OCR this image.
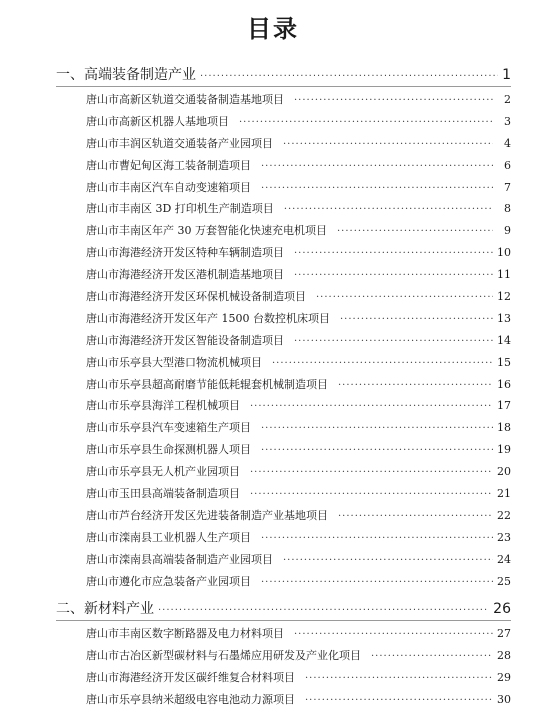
目录
一、 高端装备制造产业 ·····	1
唐山市高新区轨道交通装备制造基地项目 ·····	2
唐山市高新区机器人基地项目 ·····	3
唐山市丰润区轨道交通装备产业园项目 ·····	4
唐山市曹妃甸区海工装备制造项目 ·····	6
唐山市丰南区汽车自动变速箱项目 ·····	7
唐山市丰南区 3D 打印机生产制造项目 ·····	8
唐山市丰南区年产 30 万套智能化快速充电机项目 ·····	9
唐山市海港经济开发区特种车辆制造项目 ·····	10
唐山市海港经济开发区港机制造基地项目 ·····	11
唐山市海港经济开发区环保机械设备制造项目 ·····	12
唐山市海港经济开发区年产 1500 台数控机床项目 ·····	13
唐山市海港经济开发区智能设备制造项目 ·····	14
唐山市乐亭县大型港口物流机械项目 ·····	15
唐山市乐亭县超高耐磨节能低耗辊套机械制造项目 ·····	16
唐山市乐亭县海洋工程机械项目 ·····	17
唐山市乐亭县汽车变速箱生产项目 ·····	18
唐山市乐亭县生命探测机器人项目 ·····	19
唐山市乐亭县无人机产业园项目 ·····	20
唐山市玉田县高端装备制造项目 ·····	21
唐山市芦台经济开发区先进装备制造产业基地项目 ·····	22
唐山市滦南县工业机器人生产项目 ·····	23
唐山市滦南县高端装备制造产业园项目 ·····	24
唐山市遵化市应急装备产业园项目 ·····	25
二、 新材料产业 ·····	26
唐山市丰南区数字断路器及电力材料项目 ·····	27
唐山市古冶区新型碳材料与石墨烯应用研发及产业化项目 ·····	28
唐山市海港经济开发区碳纤维复合材料项目 ·····	29
唐山市乐亭县纳米超级电容电池动力源项目 ·····	30
